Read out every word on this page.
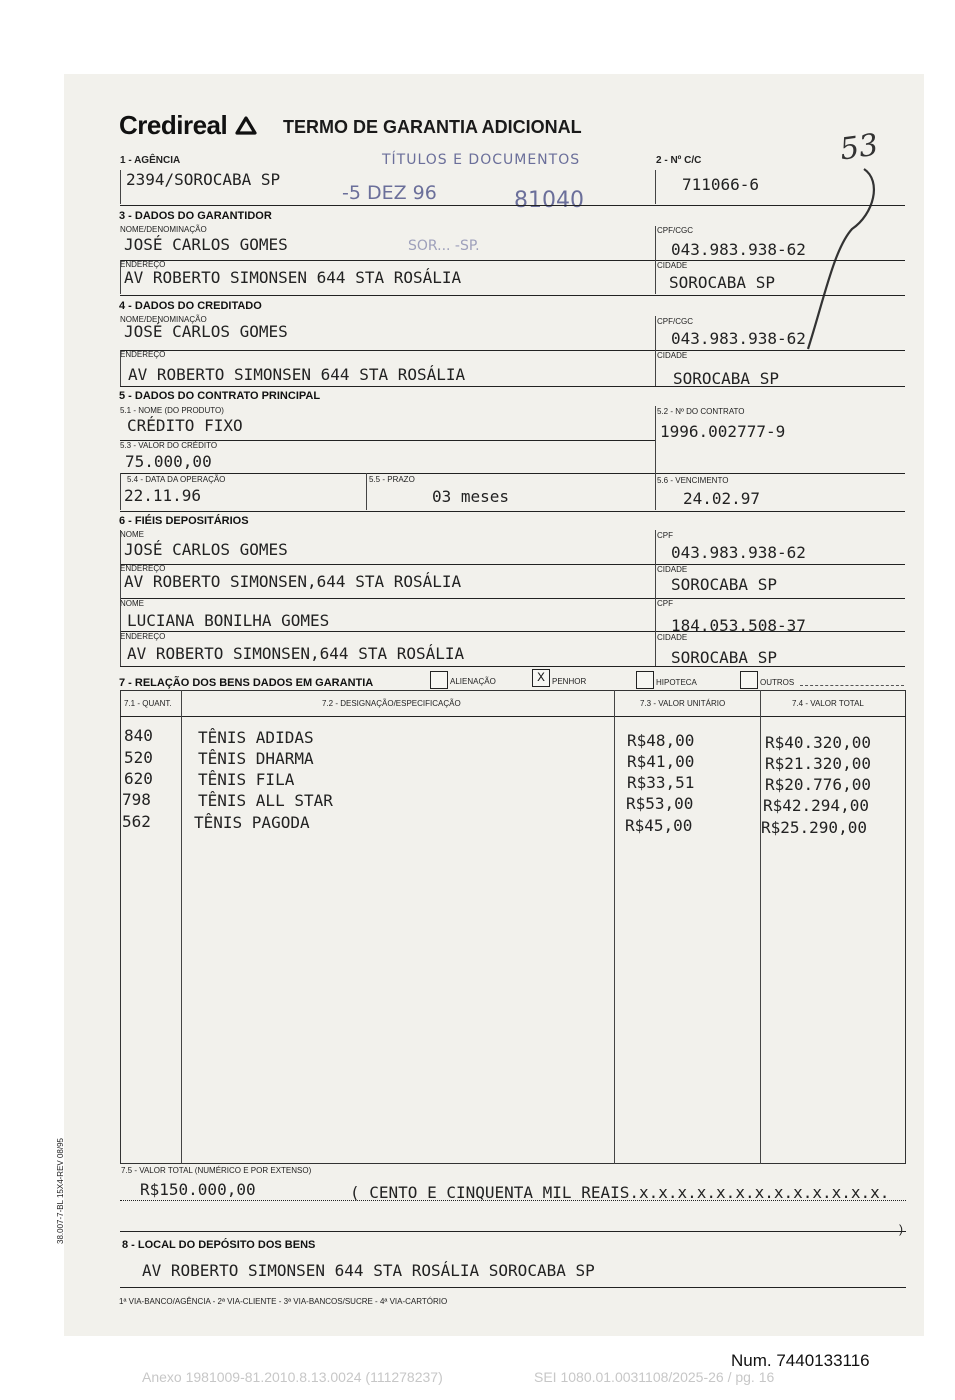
Credireal	TERMO DE GARANTIA ADICIONAL
53
1 - AGÊNCIA
2394/SOROCABA SP
2 - Nº C/C
711066-6
TÍTULOS E DOCUMENTOS
-5 DEZ 96	81040
SOR... -SP.
3 - DADOS DO GARANTIDOR
NOME/DENOMINAÇÃO
JOSÉ CARLOS GOMES
CPF/CGC
043.983.938-62
ENDEREÇO
AV ROBERTO SIMONSEN 644 STA ROSÁLIA
CIDADE
SOROCABA SP
4 - DADOS DO CREDITADO
NOME/DENOMINAÇÃO
JOSÉ CARLOS GOMES
CPF/CGC
043.983.938-62
ENDEREÇO
AV ROBERTO SIMONSEN 644 STA ROSÁLIA
CIDADE
SOROCABA SP
5 - DADOS DO CONTRATO PRINCIPAL
5.1 - NOME (DO PRODUTO)
CRÉDITO FIXO
5.2 - Nº DO CONTRATO
1996.002777-9
5.3 - VALOR DO CRÉDITO
75.000,00
5.4 - DATA DA OPERAÇÃO
22.11.96
5.5 - PRAZO
03 meses
5.6 - VENCIMENTO
24.02.97
6 - FIÉIS DEPOSITÁRIOS
NOME
JOSÉ CARLOS GOMES
CPF
043.983.938-62
ENDEREÇO
AV ROBERTO SIMONSEN,644 STA ROSÁLIA
CIDADE
SOROCABA SP
NOME
LUCIANA BONILHA GOMES
CPF
184.053.508-37
ENDEREÇO
AV ROBERTO SIMONSEN,644 STA ROSÁLIA
CIDADE
SOROCABA SP
7 - RELAÇÃO DOS BENS DADOS EM GARANTIA	ALIENAÇÃO	X PENHOR	HIPOTECA	OUTROS
7.1 - QUANT.	7.2 - DESIGNAÇÃO/ESPECIFICAÇÃO	7.3 - VALOR UNITÁRIO	7.4 - VALOR TOTAL
840	TÊNIS ADIDAS	R$48,00	R$40.320,00
520	TÊNIS DHARMA	R$41,00	R$21.320,00
620	TÊNIS FILA	R$33,51	R$20.776,00
798	TÊNIS ALL STAR	R$53,00	R$42.294,00
562	TÊNIS PAGODA	R$45,00	R$25.290,00
7.5 - VALOR TOTAL (NUMÉRICO E POR EXTENSO)
R$150.000,00	( CENTO E CINQUENTA MIL REAIS.x.x.x.x.x.x.x.x.x.x.x.x.x.
)
8 - LOCAL DO DEPÓSITO DOS BENS
AV ROBERTO SIMONSEN 644 STA ROSÁLIA SOROCABA SP
1ª VIA-BANCO/AGÊNCIA - 2ª VIA-CLIENTE - 3ª VIA-BANCOS/SUCRE - 4ª VIA-CARTÓRIO
38.007-7-BL 15X4-REV 08/95
Num. 7440133116
Anexo 1981009-81.2010.8.13.0024 (111278237)	SEI 1080.01.0031108/2025-26 / pg. 16
